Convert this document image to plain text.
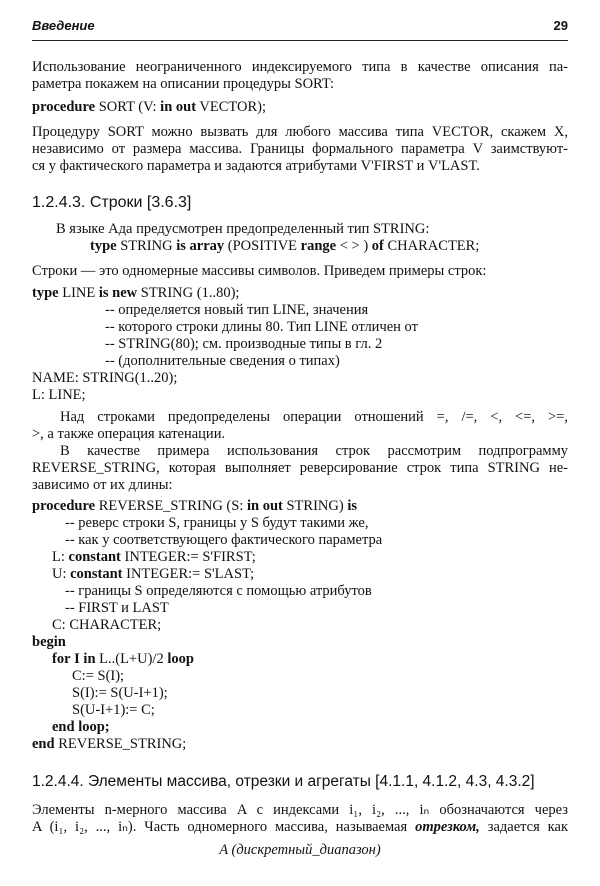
Введение	29
Использование неограниченного индексируемого типа в качестве описания па-
раметра покажем на описании процедуры SORT:
procedure SORT (V: in out VECTOR);
Процедуру SORT можно вызвать для любого массива типа VECTOR, скажем X,
независимо от размера массива. Границы формального параметра V заимствуют-
ся у фактического параметра и задаются атрибутами V'FIRST и V'LAST.
1.2.4.3. Строки [3.6.3]
В языке Ада предусмотрен предопределенный тип STRING:
type STRING is array (POSITIVE range < > ) of CHARACTER;
Строки — это одномерные массивы символов. Приведем примеры строк:
type LINE is new STRING (1..80);
-- определяется новый тип LINE, значения
-- которого строки длины 80. Тип LINE отличен от
-- STRING(80); см. производные типы в гл. 2
-- (дополнительные сведения о типах)
NAME: STRING(1..20);
L: LINE;
Над строками предопределены операции отношений =, /=, <, <=, >=,
>, а также операция катенации.
В качестве примера использования строк рассмотрим подпрограмму
REVERSE_STRING, которая выполняет реверсирование строк типа STRING не-
зависимо от их длины:
procedure REVERSE_STRING (S: in out STRING) is
-- реверс строки S, границы у S будут такими же,
-- как у соответствующего фактического параметра
L: constant INTEGER:= S'FIRST;
U: constant INTEGER:= S'LAST;
-- границы S определяются с помощью атрибутов
-- FIRST и LAST
C: CHARACTER;
begin
for I in L..(L+U)/2 loop
C:= S(I);
S(I):= S(U-I+1);
S(U-I+1):= C;
end loop;
end REVERSE_STRING;
1.2.4.4. Элементы массива, отрезки и агрегаты [4.1.1, 4.1.2, 4.3, 4.3.2]
Элементы n-мерного массива A с индексами i₁, i₂, ..., iₙ обозначаются через
A (i₁, i₂, ..., iₙ). Часть одномерного массива, называемая отрезком, задается как
A (дискретный_диапазон)
